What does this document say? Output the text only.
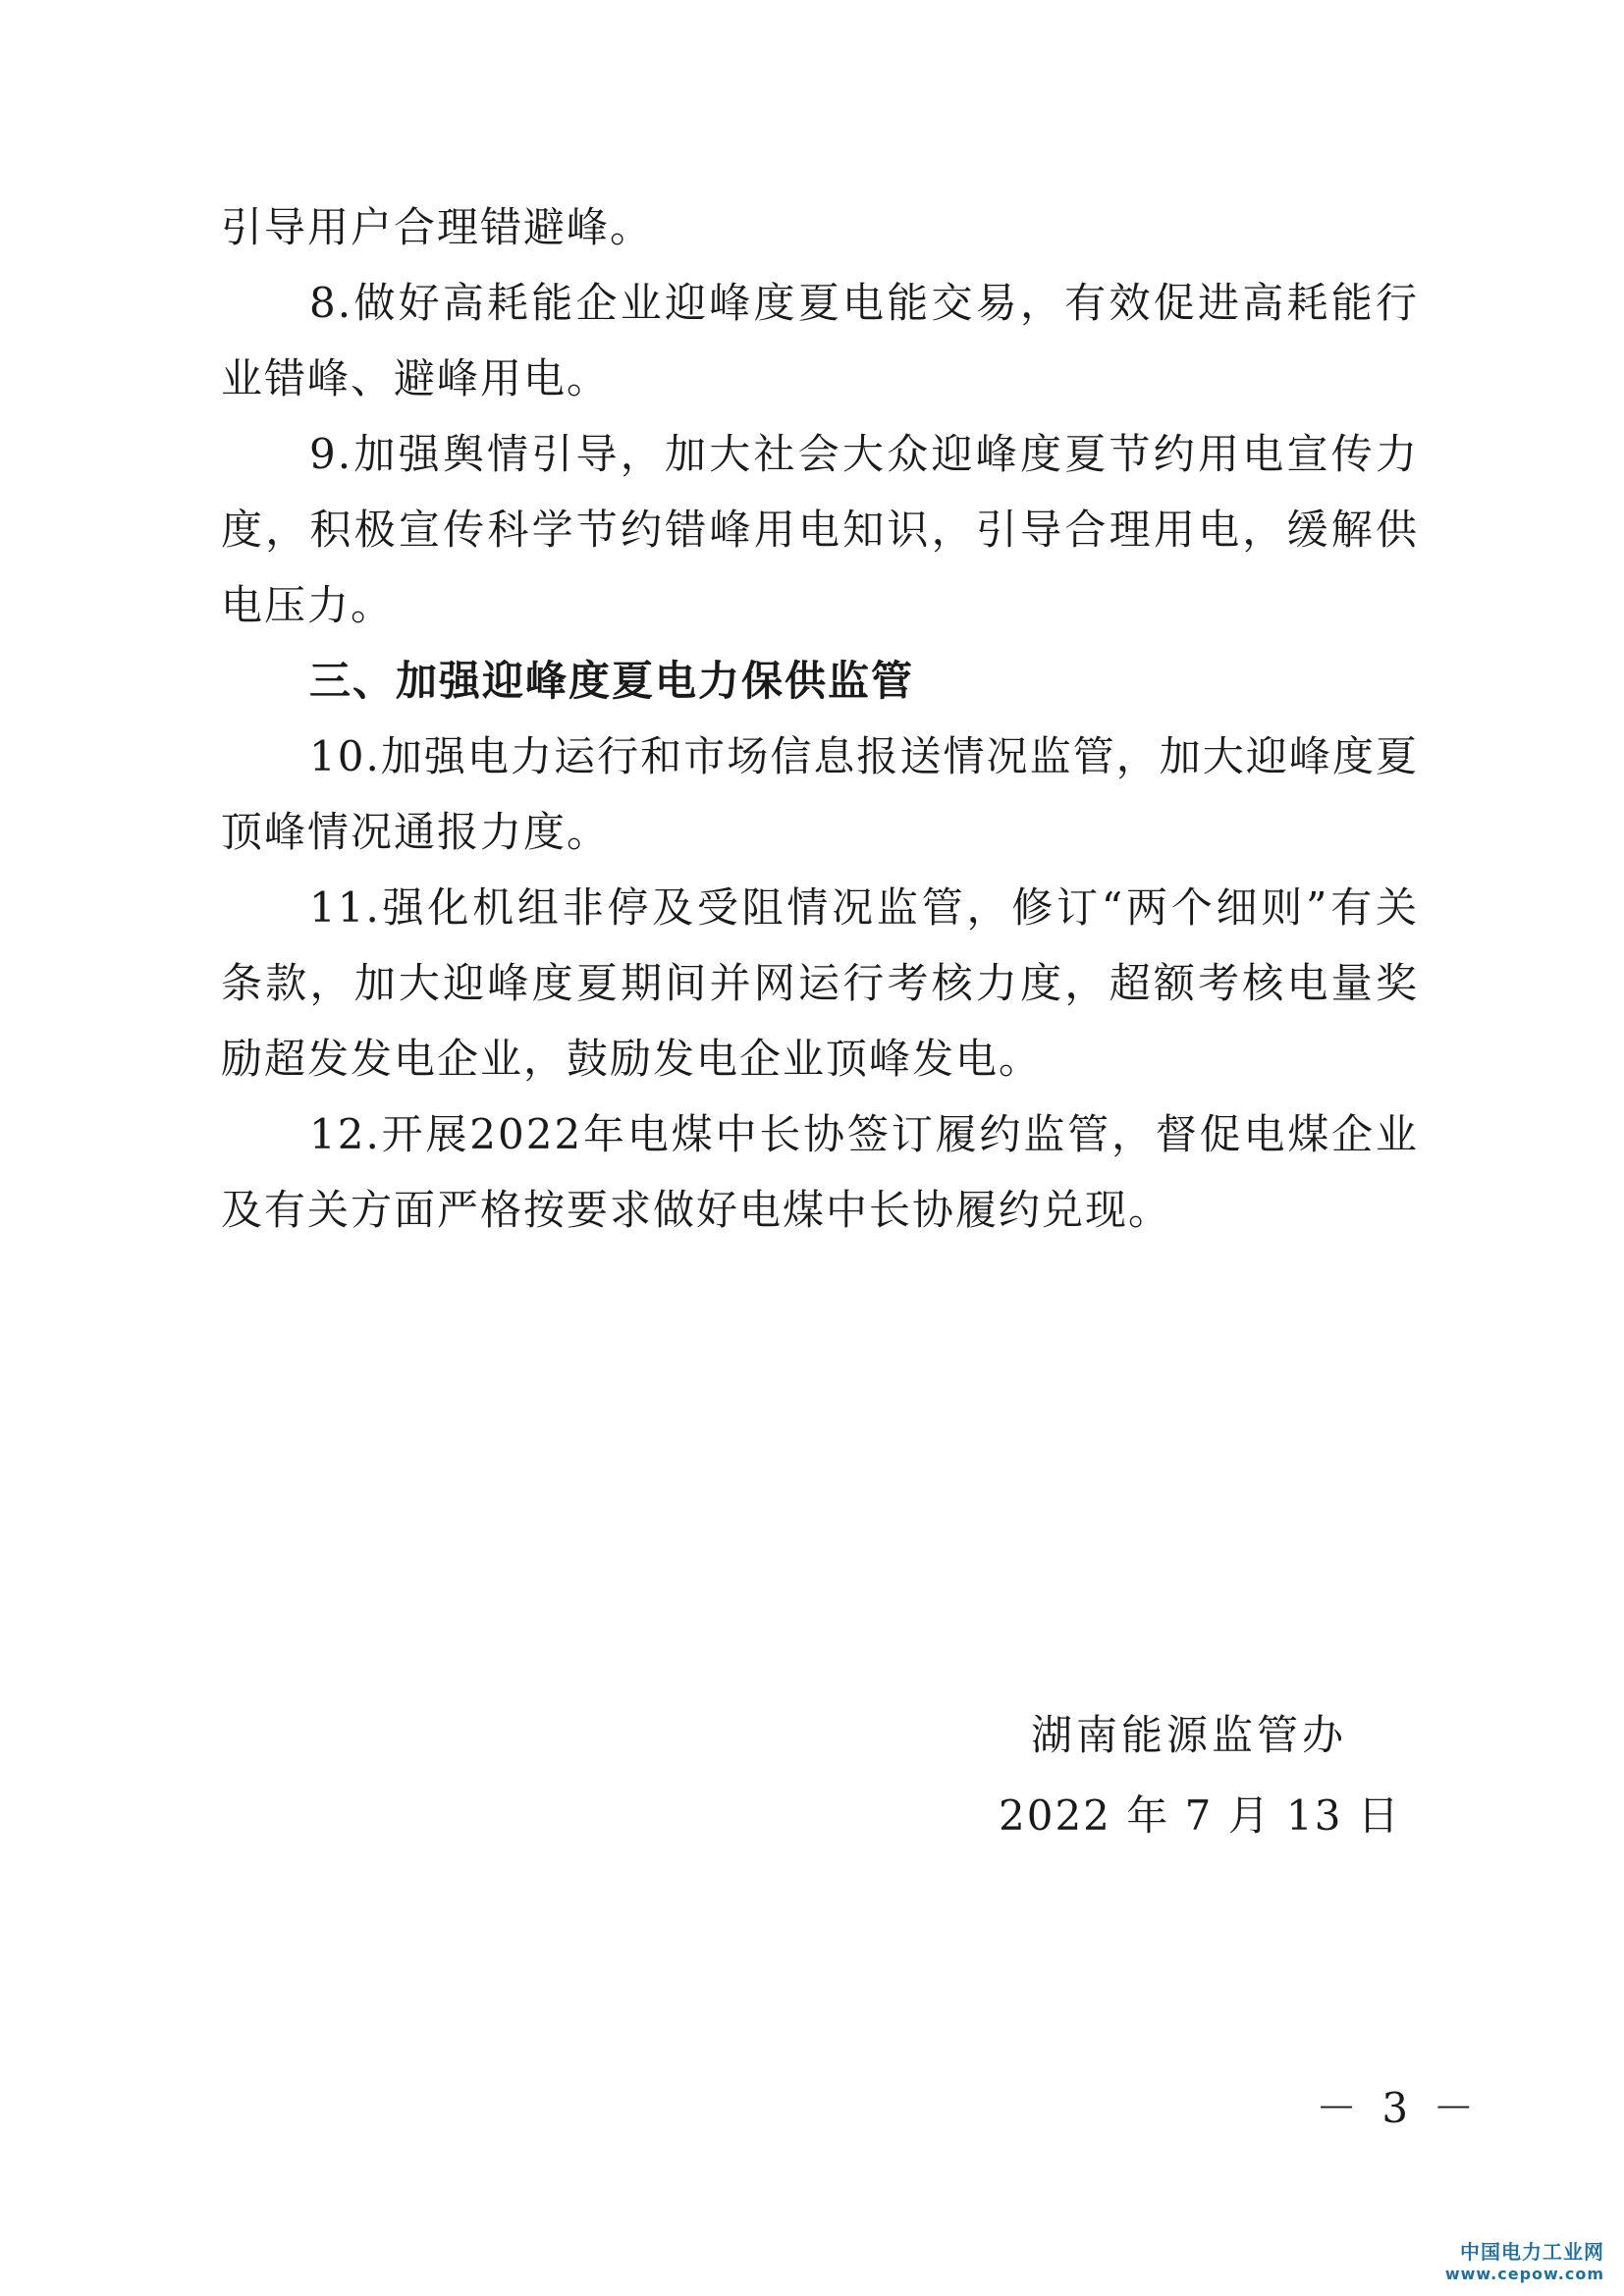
引导用户合理错避峰。

8.做好高耗能企业迎峰度夏电能交易，有效促进高耗能行业错峰、避峰用电。

9.加强舆情引导，加大社会大众迎峰度夏节约用电宣传力度，积极宣传科学节约错峰用电知识，引导合理用电，缓解供电压力。

三、加强迎峰度夏电力保供监管

10.加强电力运行和市场信息报送情况监管，加大迎峰度夏顶峰情况通报力度。

11.强化机组非停及受阻情况监管，修订“两个细则”有关条款，加大迎峰度夏期间并网运行考核力度，超额考核电量奖励超发发电企业，鼓励发电企业顶峰发电。

12.开展2022年电煤中长协签订履约监管，督促电煤企业及有关方面严格按要求做好电煤中长协履约兑现。

湖南能源监管办
2022 年 7 月 13 日
－ 3 －
中国电力工业网
www.cepow.com
